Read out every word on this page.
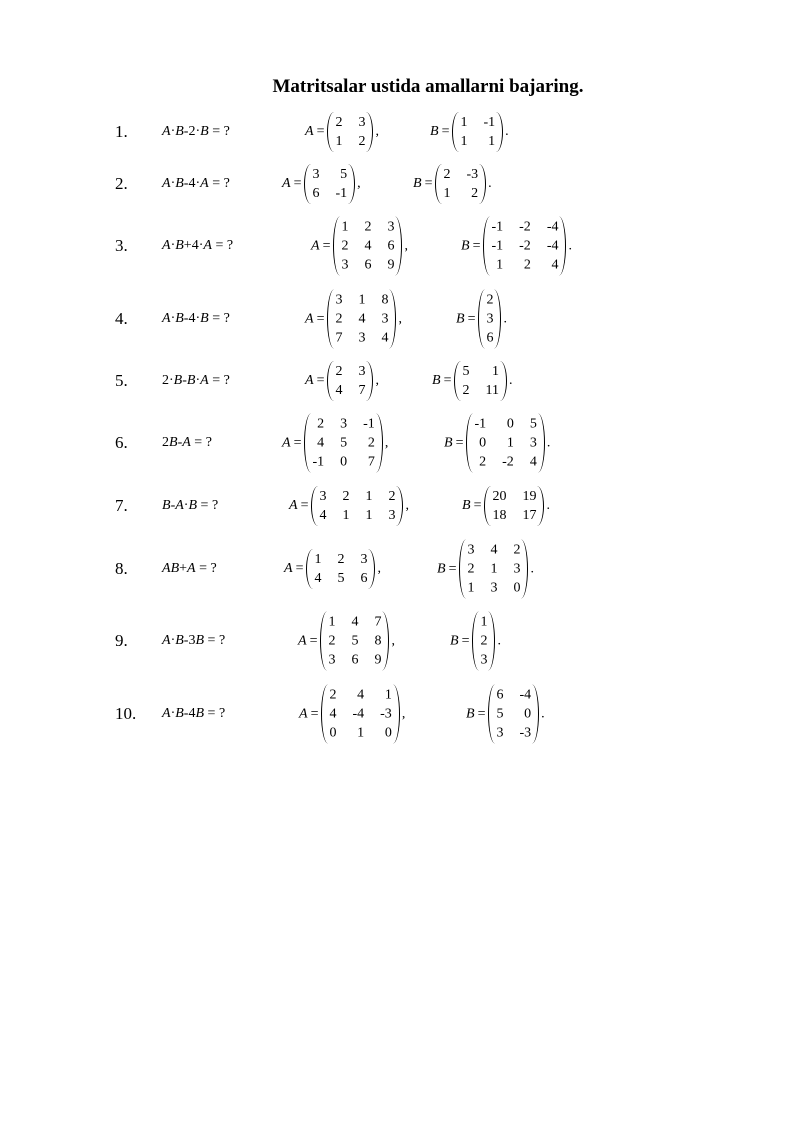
Matritsalar ustida amallarni bajaring.
1. A·B-2·B = ?	A =
2 3
1 2
,	B =
1 -1
1	1
.
2. A·B-4·A = ?	A =
3	5
6 -1
,	B =
2 -3
1	2
.
3. A·B+4·A = ?	A =
1 2 3
2 4 6
3 6 9
,	B =
-1 -2 -4
-1 -2 -4
1	2	4
.
4. A·B-4·B = ?	A =
3 1 8
2 4 3
7 3 4
,	B =
2
3
6
.
5. 2·B-B·A = ?	A =
2 3
4 7
,	B =
5	1
2 11
.
6. 2B-A = ?	A =
2 3 -1
4 5	2
-1 0	7
,	B =
-1	0 5
0	1 3
2 -2 4
.
7. B-A·B = ?	A =
3 2 1 2
4 1 1 3
,	B =
20 19
18 17
.
8. AB+A = ?	A =
1 2 3
4 5 6
,	B =
3 4 2
2 1 3
1 3 0
.
9. A·B-3B = ?	A =
1 4 7
2 5 8
3 6 9
,	B =
1
2
3
.
10. A·B-4B = ?	A =
2	4	1
4 -4 -3
0	1	0
,	B =
6 -4
5	0
3 -3
.
